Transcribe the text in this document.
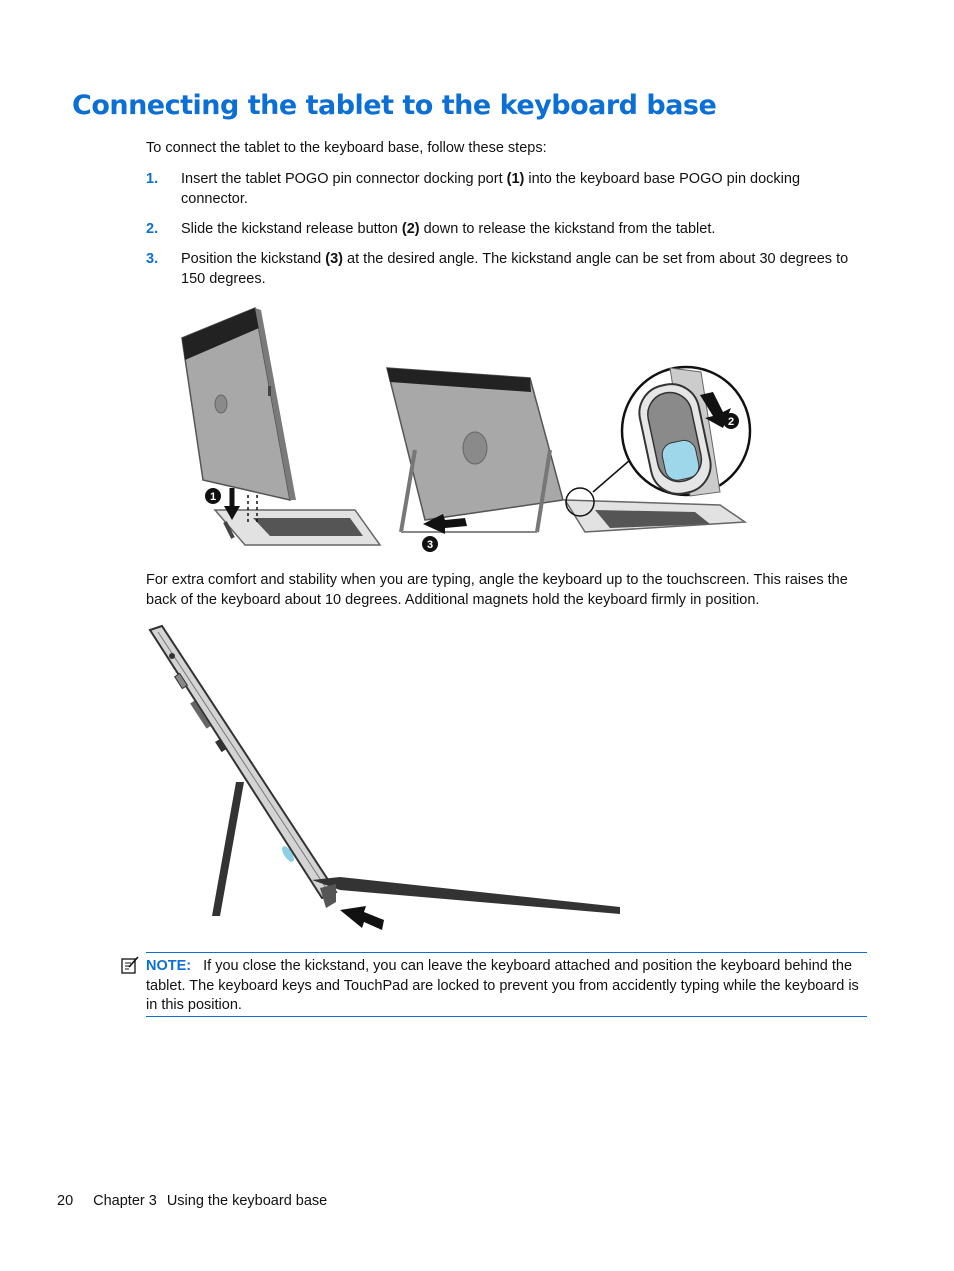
Connecting the tablet to the keyboard base
To connect the tablet to the keyboard base, follow these steps:
1. Insert the tablet POGO pin connector docking port (1) into the keyboard base POGO pin docking connector.
2. Slide the kickstand release button (2) down to release the kickstand from the tablet.
3. Position the kickstand (3) at the desired angle. The kickstand angle can be set from about 30 degrees to 150 degrees.
1
3
2
For extra comfort and stability when you are typing, angle the keyboard up to the touchscreen. This raises the back of the keyboard about 10 degrees. Additional magnets hold the keyboard firmly in position.
NOTE: If you close the kickstand, you can leave the keyboard attached and position the keyboard behind the tablet. The keyboard keys and TouchPad are locked to prevent you from accidently typing while the keyboard is in this position.
20 Chapter 3 Using the keyboard base
